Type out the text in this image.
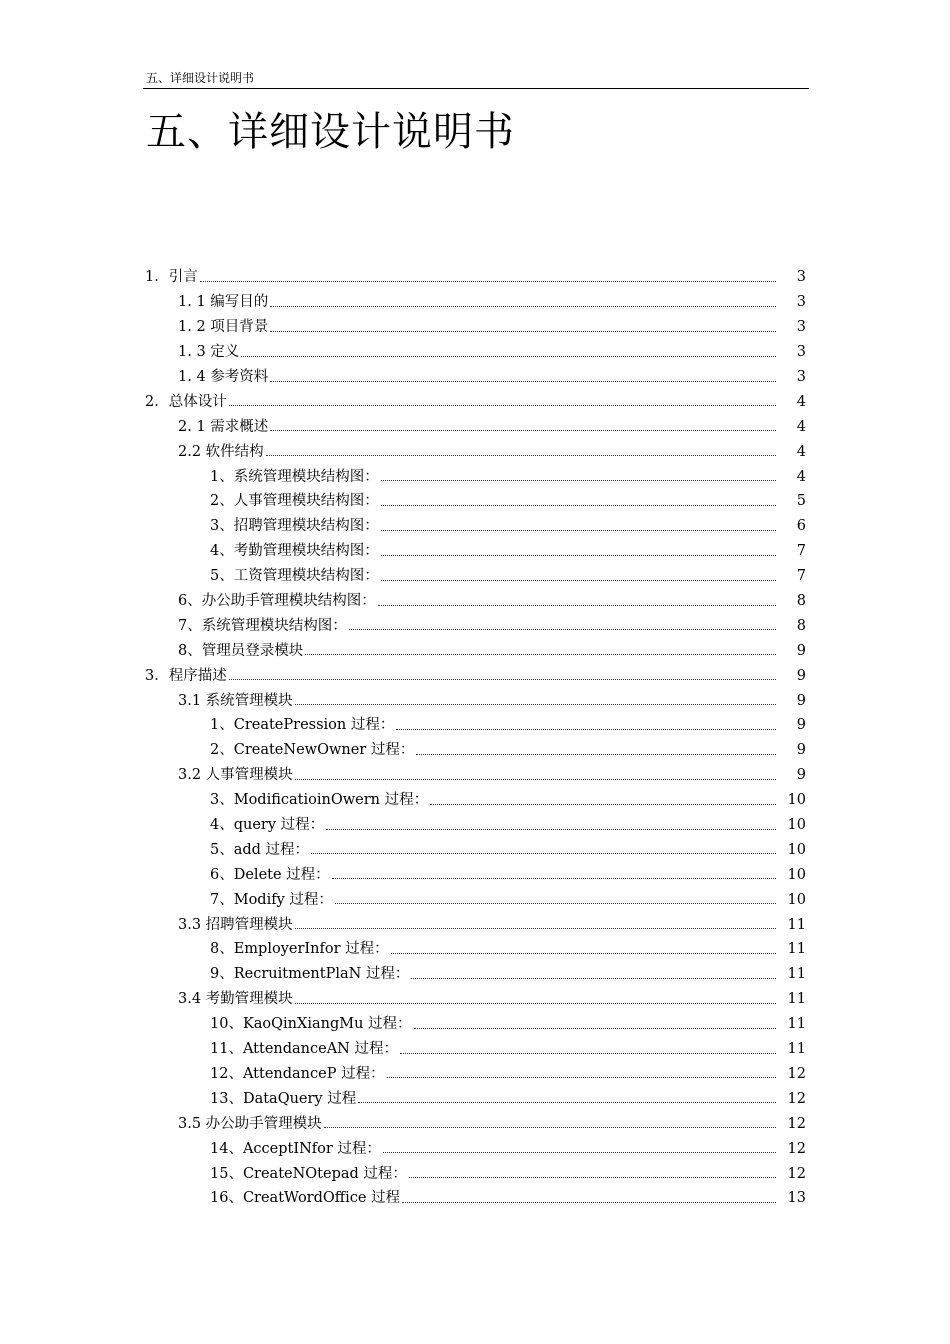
五、详细设计说明书
五、详细设计说明书
1．引言	3
1. 1 编写目的	3
1. 2 项目背景	3
1. 3 定义	3
1. 4 参考资料	3
2．总体设计	4
2. 1 需求概述	4
2.2 软件结构	4
1、系统管理模块结构图：	4
2、人事管理模块结构图：	5
3、招聘管理模块结构图：	6
4、考勤管理模块结构图：	7
5、工资管理模块结构图：	7
6、办公助手管理模块结构图：	8
7、系统管理模块结构图：	8
8、管理员登录模块	9
3．程序描述	9
3.1 系统管理模块	9
1、CreatePression 过程：	9
2、CreateNewOwner 过程：	9
3.2 人事管理模块	9
3、ModificatioinOwern 过程：	10
4、query 过程：	10
5、add 过程：	10
6、Delete 过程：	10
7、Modify 过程：	10
3.3 招聘管理模块	11
8、EmployerInfor 过程：	11
9、RecruitmentPlaN 过程：	11
3.4 考勤管理模块	11
10、KaoQinXiangMu 过程：	11
11、AttendanceAN 过程：	11
12、AttendanceP 过程：	12
13、DataQuery 过程	12
3.5 办公助手管理模块	12
14、AcceptINfor 过程：	12
15、CreateNOtepad 过程：	12
16、CreatWordOffice 过程	13
